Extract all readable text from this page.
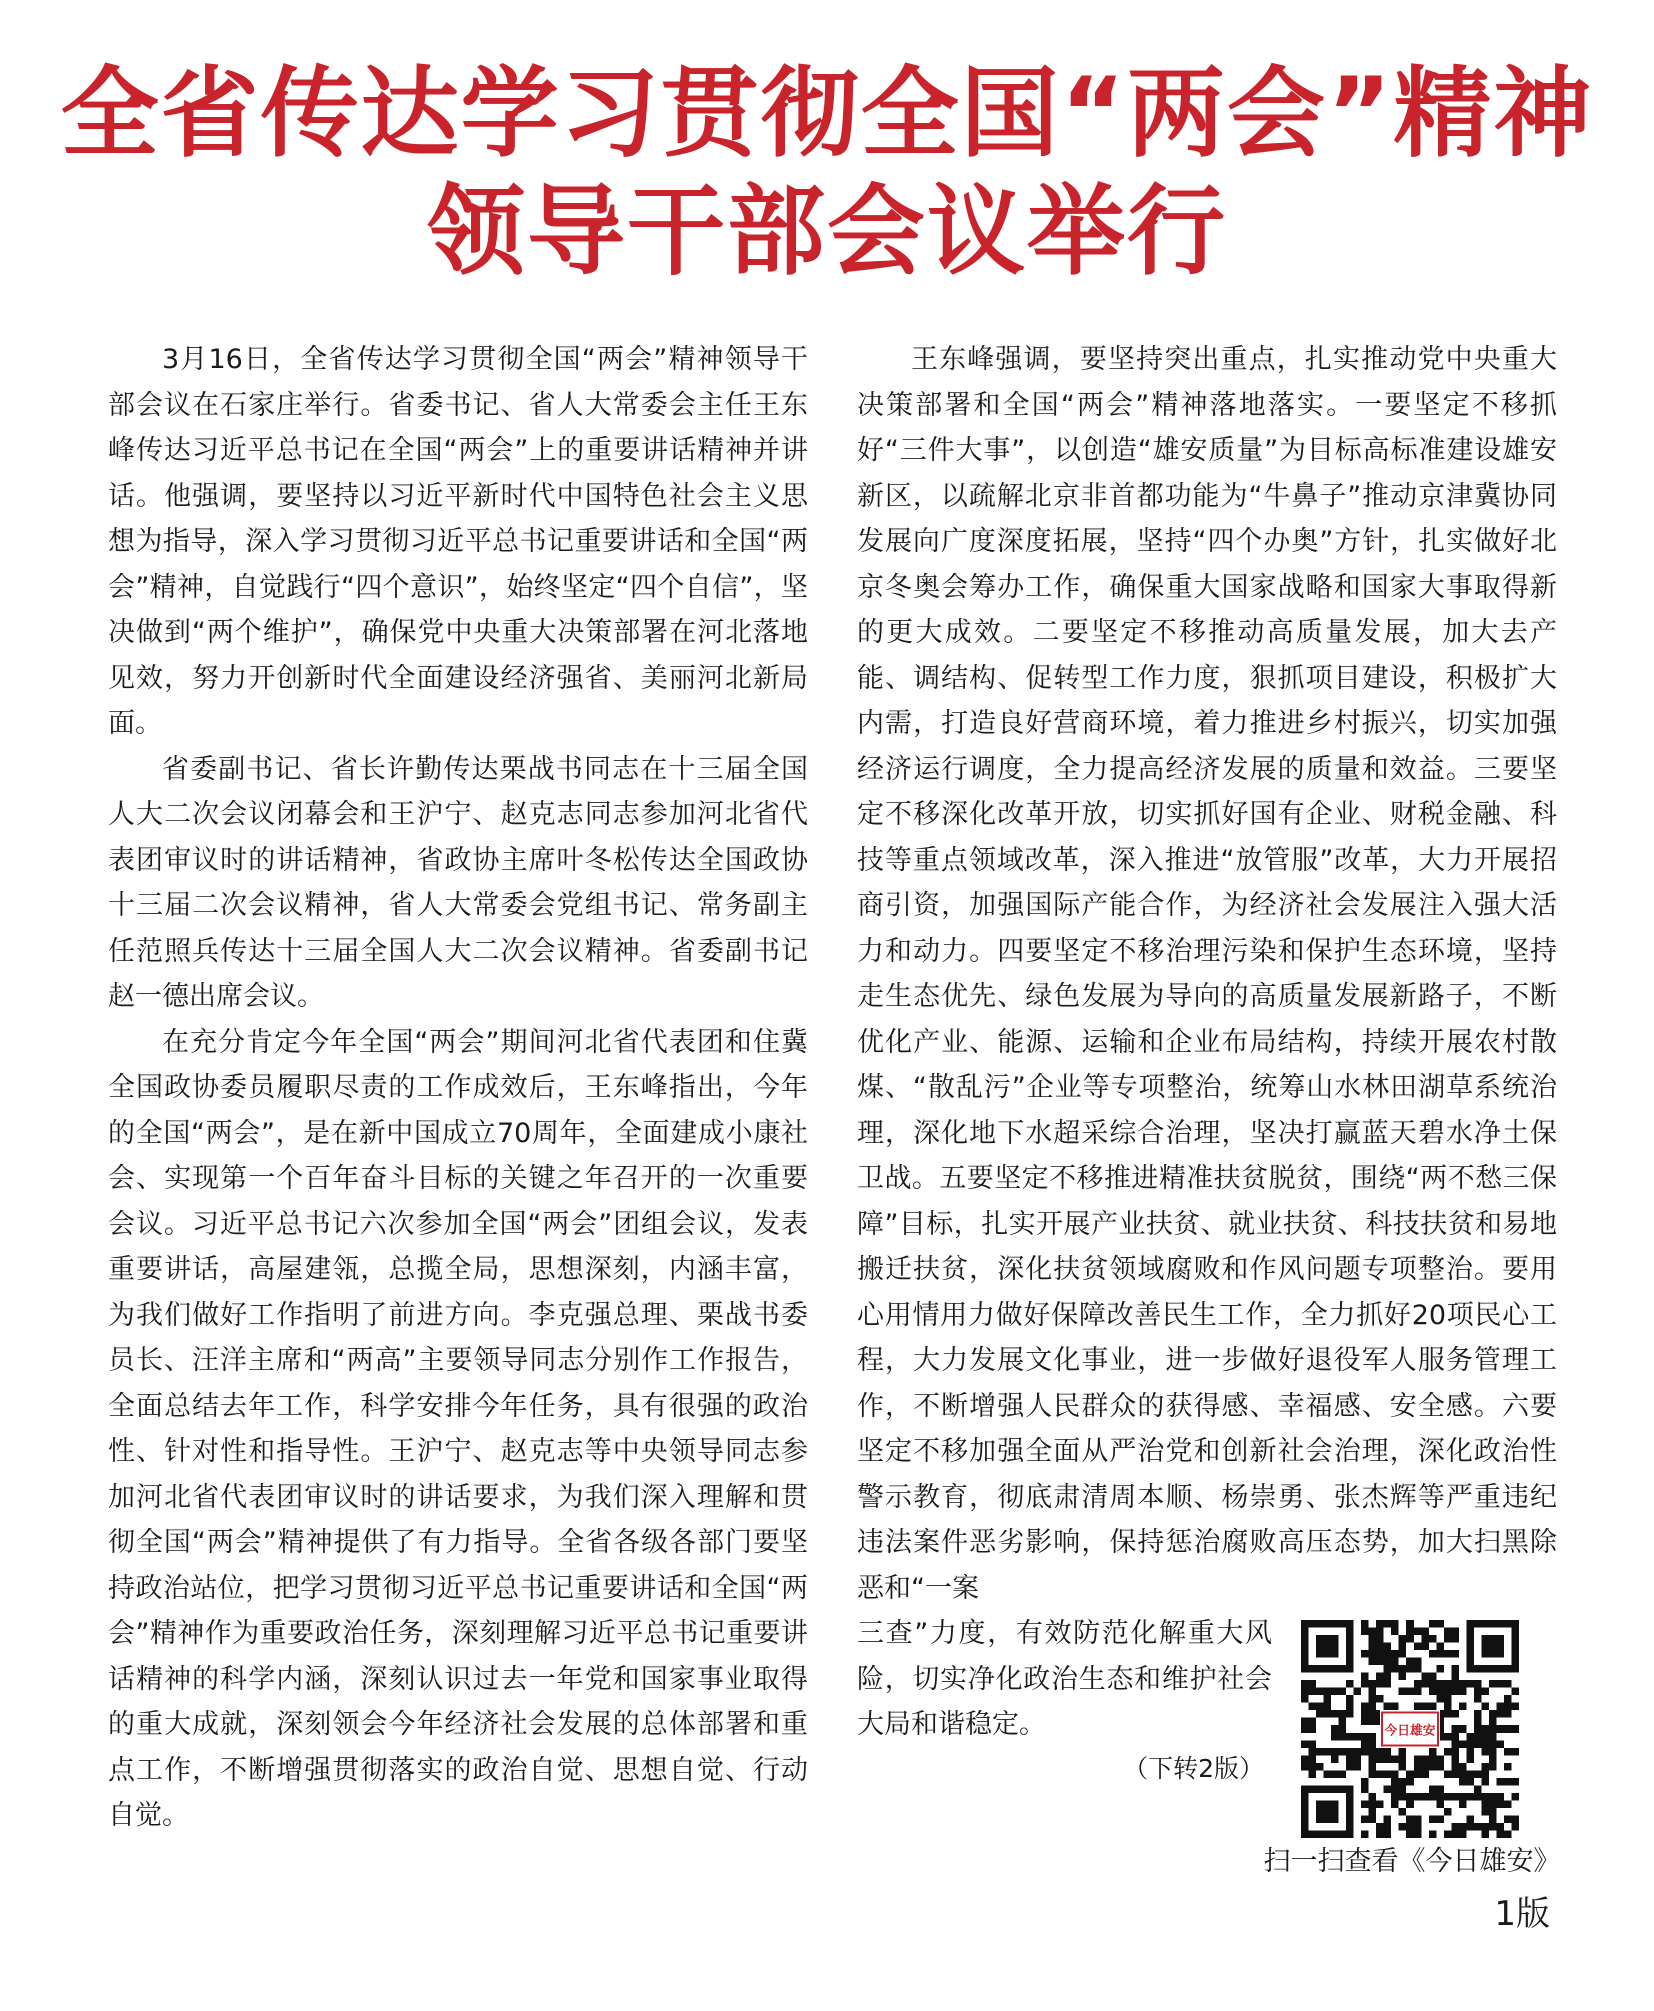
全省传达学习贯彻全国“两会”精神
领导干部会议举行

3月16日，全省传达学习贯彻全国“两会”精神领导干部会议在石家庄举行。省委书记、省人大常委会主任王东峰传达习近平总书记在全国“两会”上的重要讲话精神并讲话。他强调，要坚持以习近平新时代中国特色社会主义思想为指导，深入学习贯彻习近平总书记重要讲话和全国“两会”精神，自觉践行“四个意识”，始终坚定“四个自信”，坚决做到“两个维护”，确保党中央重大决策部署在河北落地见效，努力开创新时代全面建设经济强省、美丽河北新局面。

省委副书记、省长许勤传达栗战书同志在十三届全国人大二次会议闭幕会和王沪宁、赵克志同志参加河北省代表团审议时的讲话精神，省政协主席叶冬松传达全国政协十三届二次会议精神，省人大常委会党组书记、常务副主任范照兵传达十三届全国人大二次会议精神。省委副书记赵一德出席会议。

在充分肯定今年全国“两会”期间河北省代表团和住冀全国政协委员履职尽责的工作成效后，王东峰指出，今年的全国“两会”，是在新中国成立70周年，全面建成小康社会、实现第一个百年奋斗目标的关键之年召开的一次重要会议。习近平总书记六次参加全国“两会”团组会议，发表重要讲话，高屋建瓴，总揽全局，思想深刻，内涵丰富，为我们做好工作指明了前进方向。李克强总理、栗战书委员长、汪洋主席和“两高”主要领导同志分别作工作报告，全面总结去年工作，科学安排今年任务，具有很强的政治性、针对性和指导性。王沪宁、赵克志等中央领导同志参加河北省代表团审议时的讲话要求，为我们深入理解和贯彻全国“两会”精神提供了有力指导。全省各级各部门要坚持政治站位，把学习贯彻习近平总书记重要讲话和全国“两会”精神作为重要政治任务，深刻理解习近平总书记重要讲话精神的科学内涵，深刻认识过去一年党和国家事业取得的重大成就，深刻领会今年经济社会发展的总体部署和重点工作，不断增强贯彻落实的政治自觉、思想自觉、行动自觉。

王东峰强调，要坚持突出重点，扎实推动党中央重大决策部署和全国“两会”精神落地落实。一要坚定不移抓好“三件大事”，以创造“雄安质量”为目标高标准建设雄安新区，以疏解北京非首都功能为“牛鼻子”推动京津冀协同发展向广度深度拓展，坚持“四个办奥”方针，扎实做好北京冬奥会筹办工作，确保重大国家战略和国家大事取得新的更大成效。二要坚定不移推动高质量发展，加大去产能、调结构、促转型工作力度，狠抓项目建设，积极扩大内需，打造良好营商环境，着力推进乡村振兴，切实加强经济运行调度，全力提高经济发展的质量和效益。三要坚定不移深化改革开放，切实抓好国有企业、财税金融、科技等重点领域改革，深入推进“放管服”改革，大力开展招商引资，加强国际产能合作，为经济社会发展注入强大活力和动力。四要坚定不移治理污染和保护生态环境，坚持走生态优先、绿色发展为导向的高质量发展新路子，不断优化产业、能源、运输和企业布局结构，持续开展农村散煤、“散乱污”企业等专项整治，统筹山水林田湖草系统治理，深化地下水超采综合治理，坚决打赢蓝天碧水净土保卫战。五要坚定不移推进精准扶贫脱贫，围绕“两不愁三保障”目标，扎实开展产业扶贫、就业扶贫、科技扶贫和易地搬迁扶贫，深化扶贫领域腐败和作风问题专项整治。要用心用情用力做好保障改善民生工作，全力抓好20项民心工程，大力发展文化事业，进一步做好退役军人服务管理工作，不断增强人民群众的获得感、幸福感、安全感。六要坚定不移加强全面从严治党和创新社会治理，深化政治性警示教育，彻底肃清周本顺、杨崇勇、张杰辉等严重违纪违法案件恶劣影响，保持惩治腐败高压态势，加大扫黑除恶和“一案

三查”力度，有效防范化解重大风险，切实净化政治生态和维护社会大局和谐稳定。
（下转2版）
今日雄安
扫一扫查看《今日雄安》
1版
